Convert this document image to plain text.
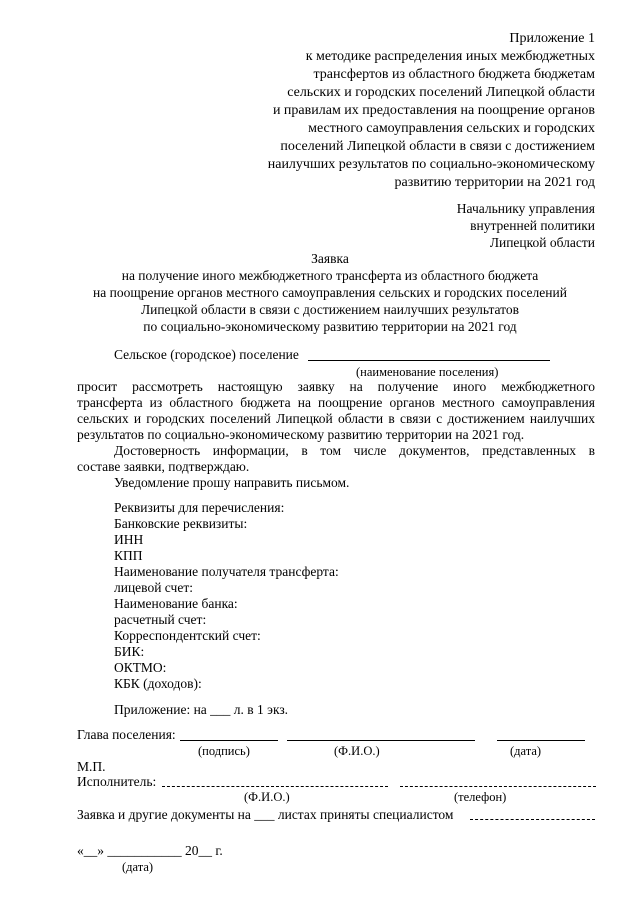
Приложение 1
к методике распределения иных межбюджетных
трансфертов из областного бюджета бюджетам
сельских и городских поселений Липецкой области
и правилам их предоставления на поощрение органов
местного самоуправления сельских и городских
поселений Липецкой области в связи с достижением
наилучших результатов по социально-экономическому
развитию территории на 2021 год
Начальнику управления
внутренней политики
Липецкой области
Заявка
на получение иного межбюджетного трансферта из областного бюджета
на поощрение органов местного самоуправления сельских и городских поселений
Липецкой области в связи с достижением наилучших результатов
по социально-экономическому развитию территории на 2021 год
Сельское (городское) поселение
(наименование поселения)
просит рассмотреть настоящую заявку на получение иного межбюджетного
трансферта из областного бюджета на поощрение органов местного самоуправления
сельских и городских поселений Липецкой области в связи с достижением наилучших
результатов по социально-экономическому развитию территории на 2021 год.
Достоверность информации, в том числе документов, представленных в
составе заявки, подтверждаю.
Уведомление прошу направить письмом.
Реквизиты для перечисления:
Банковские реквизиты:
ИНН
КПП
Наименование получателя трансферта:
лицевой счет:
Наименование банка:
расчетный счет:
Корреспондентский счет:
БИК:
ОКТМО:
КБК (доходов):
Приложение: на ___ л. в 1 экз.
Глава поселения:
(подпись)	(Ф.И.О.)	(дата)
М.П.
Исполнитель:
(Ф.И.О.)	(телефон)
Заявка и другие документы на ___ листах приняты специалистом
«__» ___________ 20__ г.
(дата)
